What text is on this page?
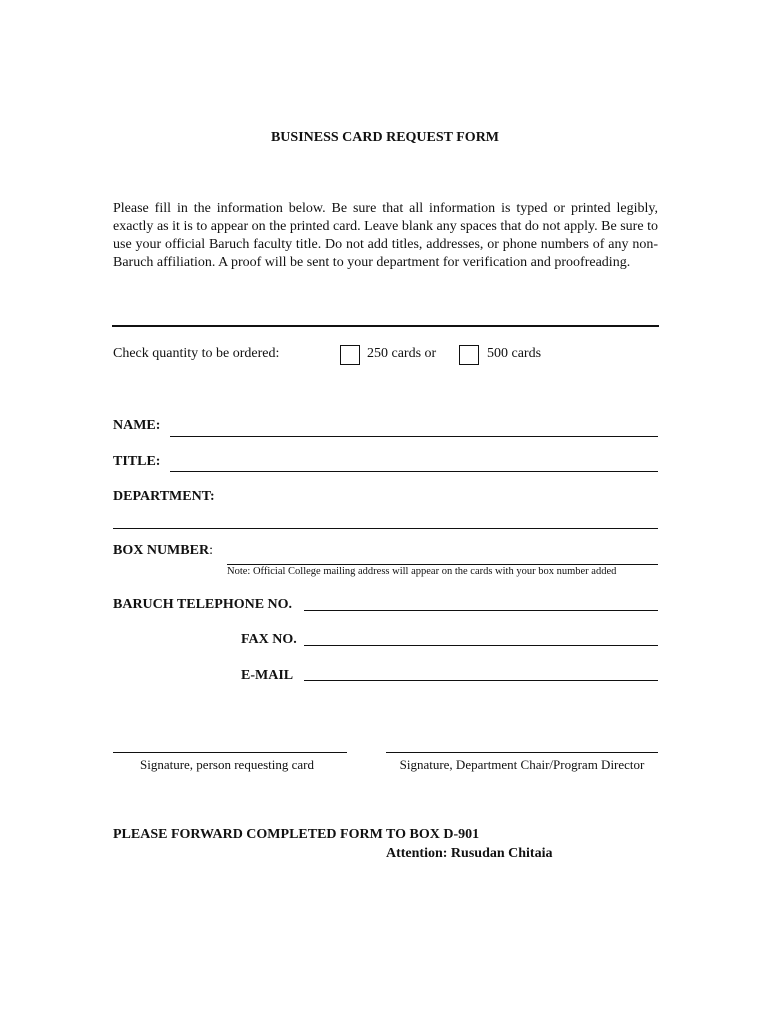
BUSINESS CARD REQUEST FORM
Please fill in the information below. Be sure that all information is typed or printed legibly, exactly as it is to appear on the printed card. Leave blank any spaces that do not apply. Be sure to use your official Baruch faculty title. Do not add titles, addresses, or phone numbers of any non-Baruch affiliation. A proof will be sent to your department for verification and proofreading.
Check quantity to be ordered:	250 cards or	500 cards
NAME:
TITLE:
DEPARTMENT:
BOX NUMBER:
Note: Official College mailing address will appear on the cards with your box number added
BARUCH TELEPHONE NO.
FAX NO.
E-MAIL
Signature, person requesting card	Signature, Department Chair/Program Director
PLEASE FORWARD COMPLETED FORM TO BOX D-901
Attention: Rusudan Chitaia
